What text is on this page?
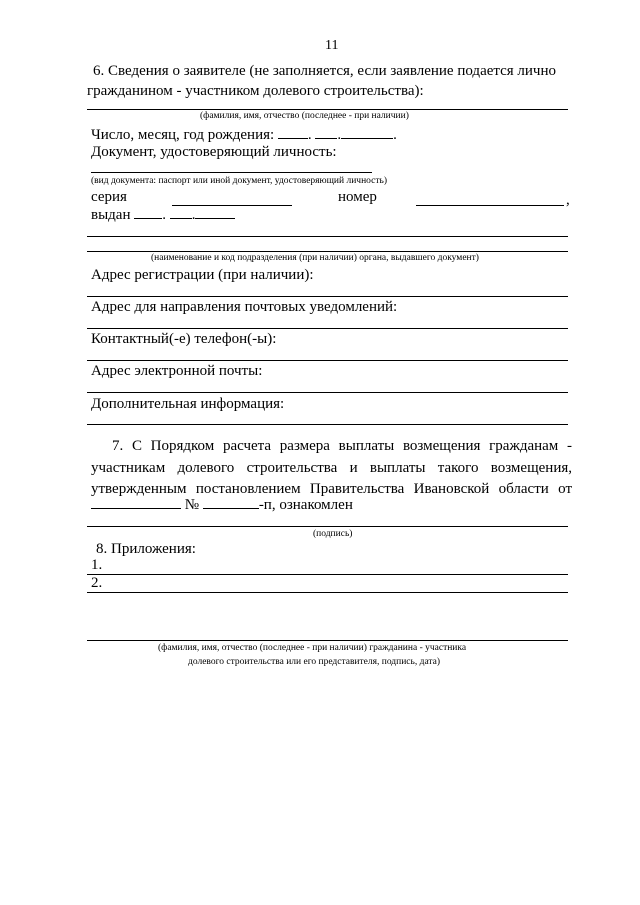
11
6. Сведения о заявителе (не заполняется, если заявление подается лично
гражданином - участником долевого строительства):
(фамилия, имя, отчество (последнее - при наличии)
Число, месяц, год рождения: . .	.
Документ, удостоверяющий личность:
(вид документа: паспорт или иной документ, удостоверяющий личность)
серия	номер	,
выдан . .
(наименование и код подразделения (при наличии) органа, выдавшего документ)
Адрес регистрации (при наличии):
Адрес для направления почтовых уведомлений:
Контактный(-е) телефон(-ы):
Адрес электронной почты:
Дополнительная информация:
7. С Порядком расчета размера выплаты возмещения гражданам -
участникам долевого строительства и выплаты такого возмещения,
утвержденным постановлением Правительства Ивановской области от
№	-п, ознакомлен
(подпись)
8. Приложения:
1.
2.
(фамилия, имя, отчество (последнее - при наличии) гражданина - участника
долевого строительства или его представителя, подпись, дата)
